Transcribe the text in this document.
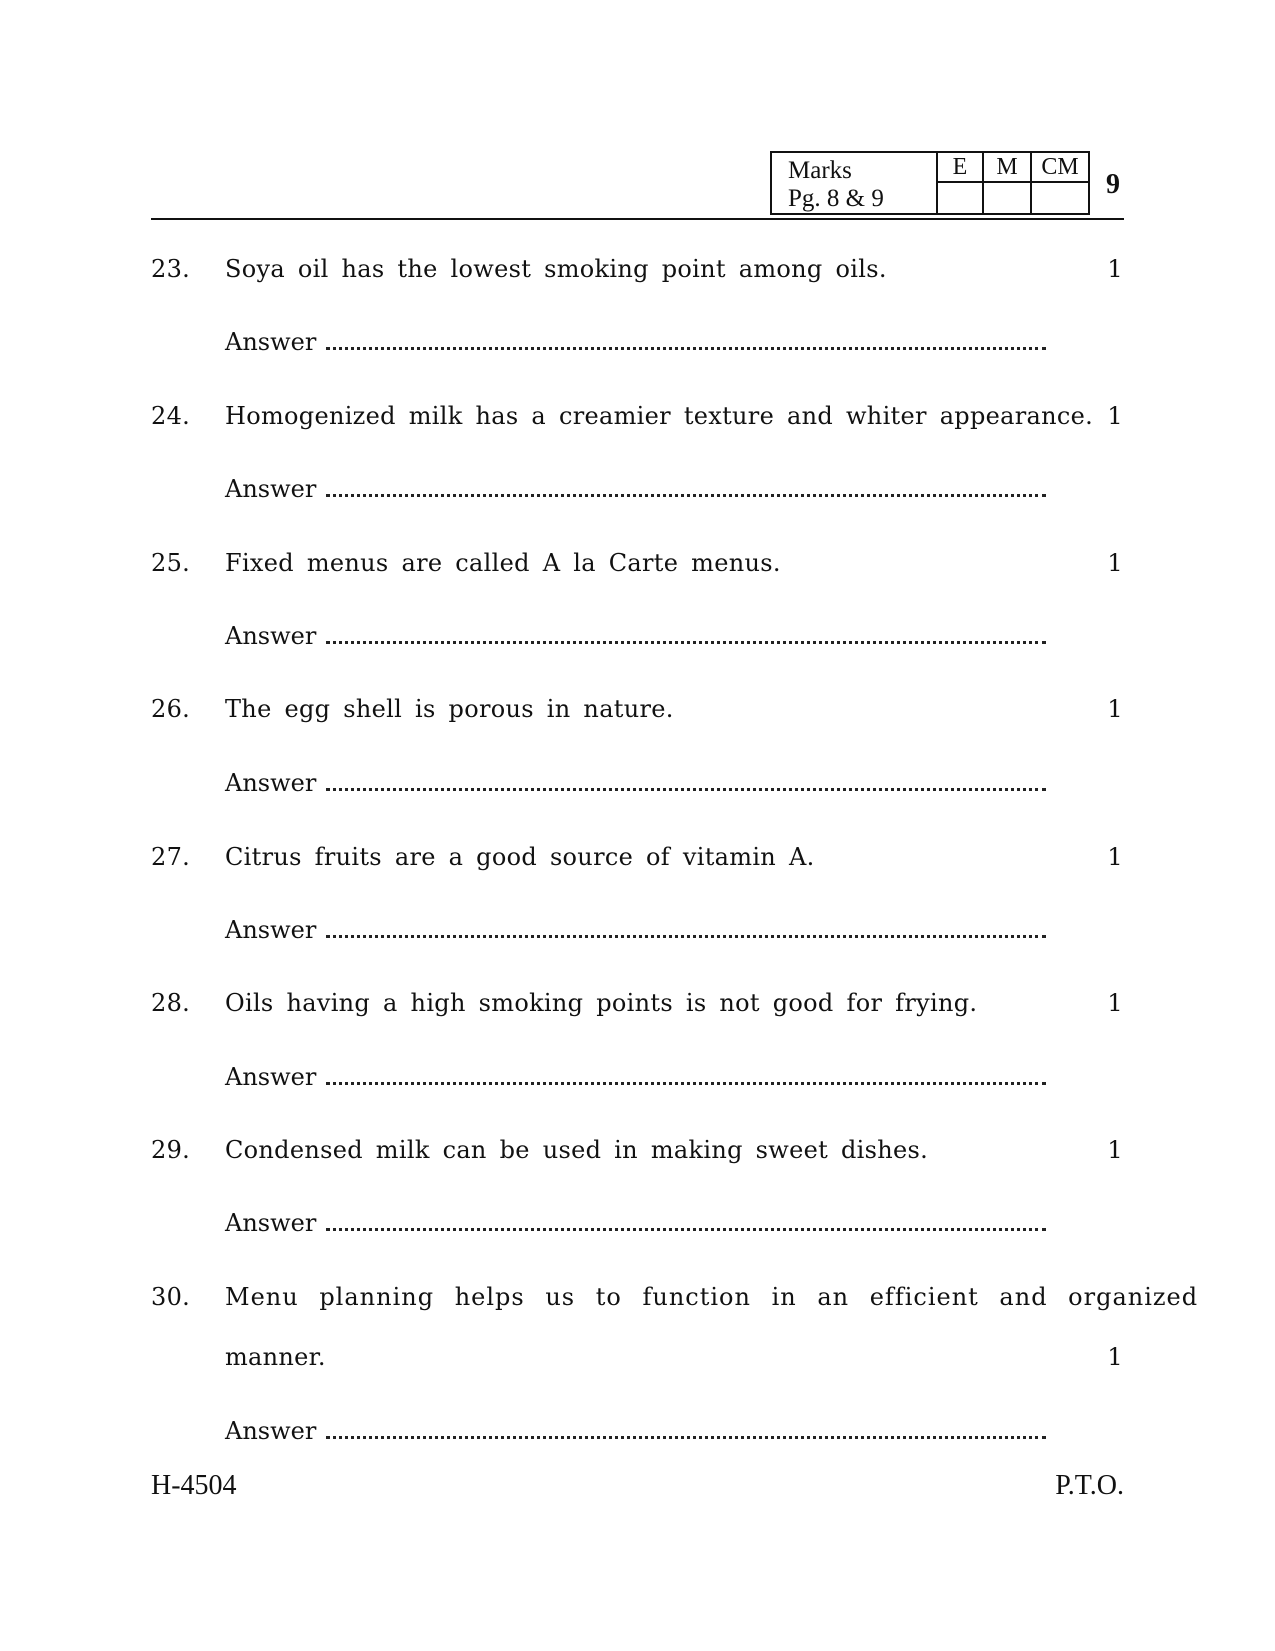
Marks
Pg. 8 & 9
E	M CM
9
23. Soya oil has the lowest smoking point among oils.	1
Answer
24. Homogenized milk has a creamier texture and whiter appearance. 1
Answer
25. Fixed menus are called A la Carte menus.	1
Answer
26. The egg shell is porous in nature.	1
Answer
27. Citrus fruits are a good source of vitamin A.	1
Answer
28. Oils having a high smoking points is not good for frying.	1
Answer
29. Condensed milk can be used in making sweet dishes.	1
Answer
30. Menu planning helps us to function in an efficient and organized
manner.	1
Answer
H-4504	P.T.O.
